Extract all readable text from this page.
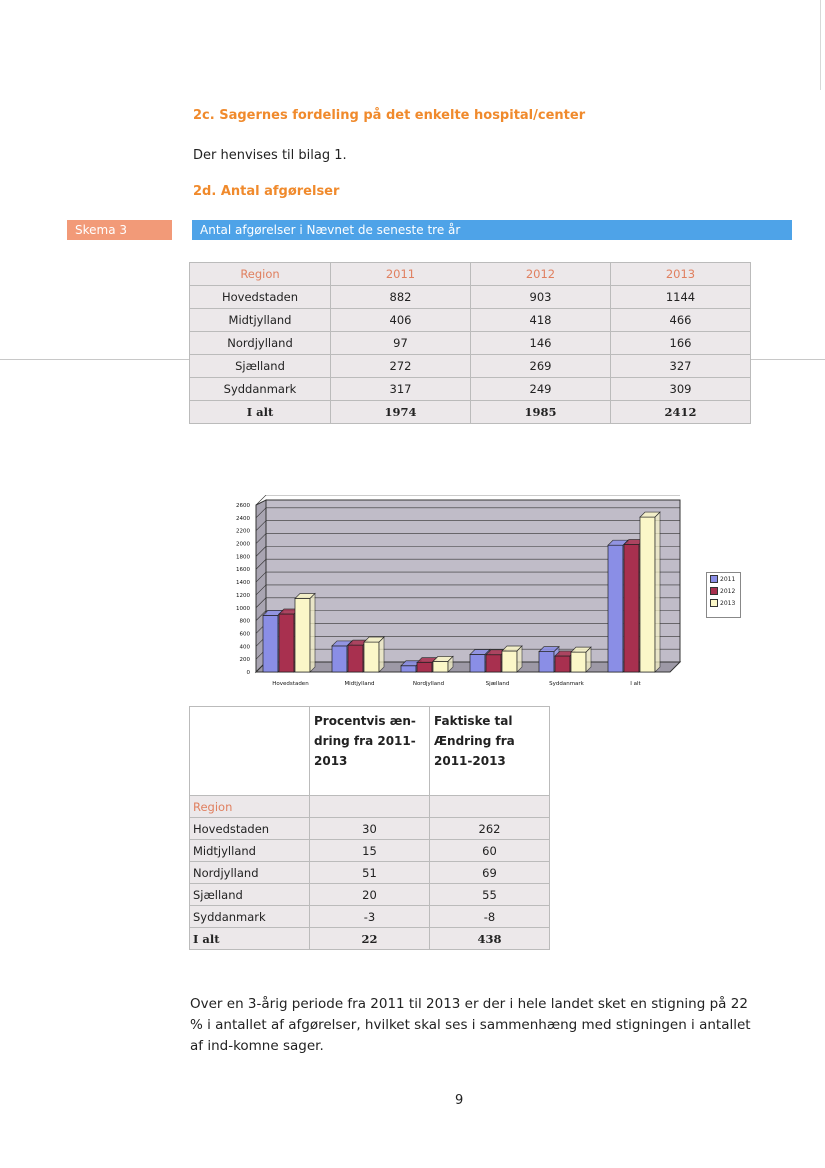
2c. Sagernes fordeling på det enkelte hospital/center
Der henvises til bilag 1.
2d. Antal afgørelser
Skema 3	Antal afgørelser i Nævnet de seneste tre år
Region	2011	2012	2013
Hovedstaden	882	903	1144
Midtjylland	406	418	466
Nordjylland	97	146	166
Sjælland	272	269	327
Syddanmark	317	249	309
I alt	1974	1985	2412
0
200
400
600
800
1000
1200
1400
1600
1800
2000
2200
2400
2600
Hovedstaden	Midtjylland	Nordjylland	Sjælland	Syddanmark	I alt
2011
2012
2013
	Procentvis æn-dring fra 2011-2013	Faktiske tal Ændring fra 2011-2013
Region		
Hovedstaden	30	262
Midtjylland	15	60
Nordjylland	51	69
Sjælland	20	55
Syddanmark	-3	-8
I alt	22	438
Over en 3-årig periode fra 2011 til 2013 er der i hele landet sket en stigning på 22 % i antallet af afgørelser, hvilket skal ses i sammenhæng med stigningen i antallet af ind-komne sager.
9
